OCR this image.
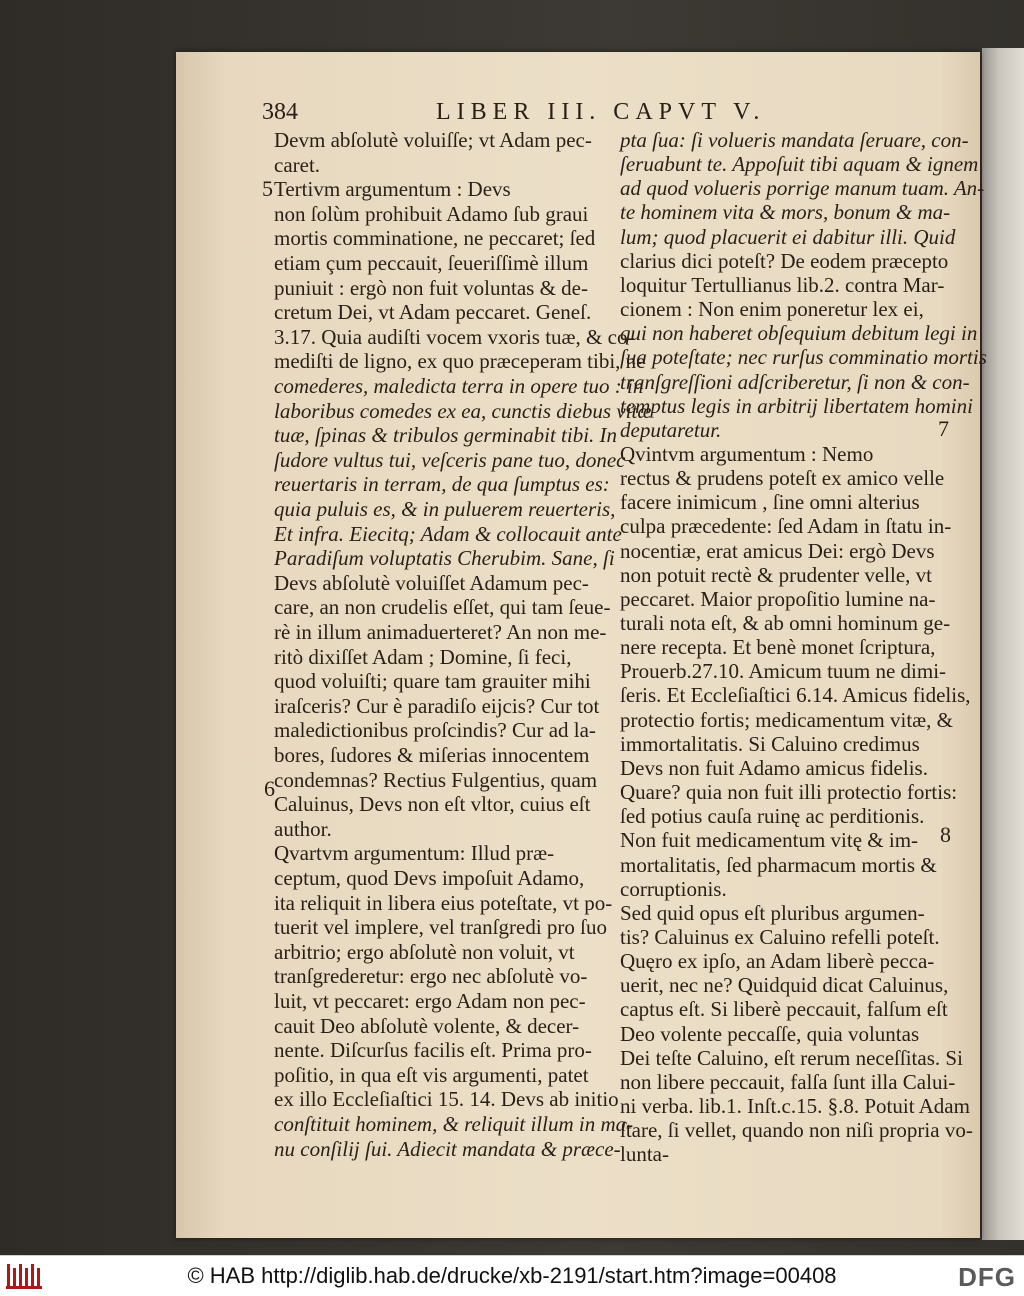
384	LIBER III. CAPVT V.
5
6
7
8
Devm abſolutè voluiſſe; vt Adam pec-
caret.
Tertivm argumentum : Devs
non ſolùm prohibuit Adamo ſub graui
mortis comminatione, ne peccaret; ſed
etiam çum peccauit, ſeueriſſimè illum
puniuit : ergò non fuit voluntas & de-
cretum Dei, vt Adam peccaret. Geneſ.
3.17. Quia audiſti vocem vxoris tuæ, & co-
mediſti de ligno, ex quo præceperam tibi, ne
comederes, maledicta terra in opere tuo : in
laboribus comedes ex ea, cunctis diebus vitæ
tuæ, ſpinas & tribulos germinabit tibi. In
ſudore vultus tui, veſceris pane tuo, donec
reuertaris in terram, de qua ſumptus es:
quia puluis es, & in puluerem reuerteris,
Et infra. Eiecitq; Adam & collocauit ante
Paradiſum voluptatis Cherubim. Sane, ſi
Devs abſolutè voluiſſet Adamum pec-
care, an non crudelis eſſet, qui tam ſeue-
rè in illum animaduerteret? An non me-
ritò dixiſſet Adam ; Domine, ſi feci,
quod voluiſti; quare tam grauiter mihi
iraſceris? Cur è paradiſo eijcis? Cur tot
maledictionibus proſcindis? Cur ad la-
bores, ſudores & miſerias innocentem
condemnas? Rectius Fulgentius, quam
Caluinus, Devs non eſt vltor, cuius eſt
author.
Qvartvm argumentum: Illud præ-
ceptum, quod Devs impoſuit Adamo,
ita reliquit in libera eius poteſtate, vt po-
tuerit vel implere, vel tranſgredi pro ſuo
arbitrio; ergo abſolutè non voluit, vt
tranſgrederetur: ergo nec abſolutè vo-
luit, vt peccaret: ergo Adam non pec-
cauit Deo abſolutè volente, & decer-
nente. Diſcurſus facilis eſt. Prima pro-
poſitio, in qua eſt vis argumenti, patet
ex illo Eccleſiaſtici 15. 14. Devs ab initio
conſtituit hominem, & reliquit illum in ma-
nu conſilij ſui. Adiecit mandata & præce-
pta ſua: ſi volueris mandata ſeruare, con-
ſeruabunt te. Appoſuit tibi aquam & ignem
ad quod volueris porrige manum tuam. An-
te hominem vita & mors, bonum & ma-
lum; quod placuerit ei dabitur illi. Quid
clarius dici poteſt? De eodem præcepto
loquitur Tertullianus lib.2. contra Mar-
cionem : Non enim poneretur lex ei,
qui non haberet obſequium debitum legi in
ſua poteſtate; nec rurſus comminatio mortis
tranſgreſſioni adſcriberetur, ſi non & con-
temptus legis in arbitrij libertatem homini
deputaretur.
Qvintvm argumentum : Nemo
rectus & prudens poteſt ex amico velle
facere inimicum , ſine omni alterius
culpa præcedente: ſed Adam in ſtatu in-
nocentiæ, erat amicus Dei: ergò Devs
non potuit rectè & prudenter velle, vt
peccaret. Maior propoſitio lumine na-
turali nota eſt, & ab omni hominum ge-
nere recepta. Et benè monet ſcriptura,
Prouerb.27.10. Amicum tuum ne dimi-
ſeris. Et Eccleſiaſtici 6.14. Amicus fidelis,
protectio fortis; medicamentum vitæ, &
immortalitatis. Si Caluino credimus
Devs non fuit Adamo amicus fidelis.
Quare? quia non fuit illi protectio fortis:
ſed potius cauſa ruinę ac perditionis.
Non fuit medicamentum vitę & im-
mortalitatis, ſed pharmacum mortis &
corruptionis.
Sed quid opus eſt pluribus argumen-
tis? Caluinus ex Caluino refelli poteſt.
Quęro ex ipſo, an Adam liberè pecca-
uerit, nec ne? Quidquid dicat Caluinus,
captus eſt. Si liberè peccauit, falſum eſt
Deo volente peccaſſe, quia voluntas
Dei teſte Caluino, eſt rerum neceſſitas. Si
non libere peccauit, falſa ſunt illa Calui-
ni verba. lib.1. Inſt.c.15. §.8. Potuit Adam
ſtare, ſi vellet, quando non niſi propria vo-
lunta-
© HAB http://diglib.hab.de/drucke/xb-2191/start.htm?image=00408	DFG
